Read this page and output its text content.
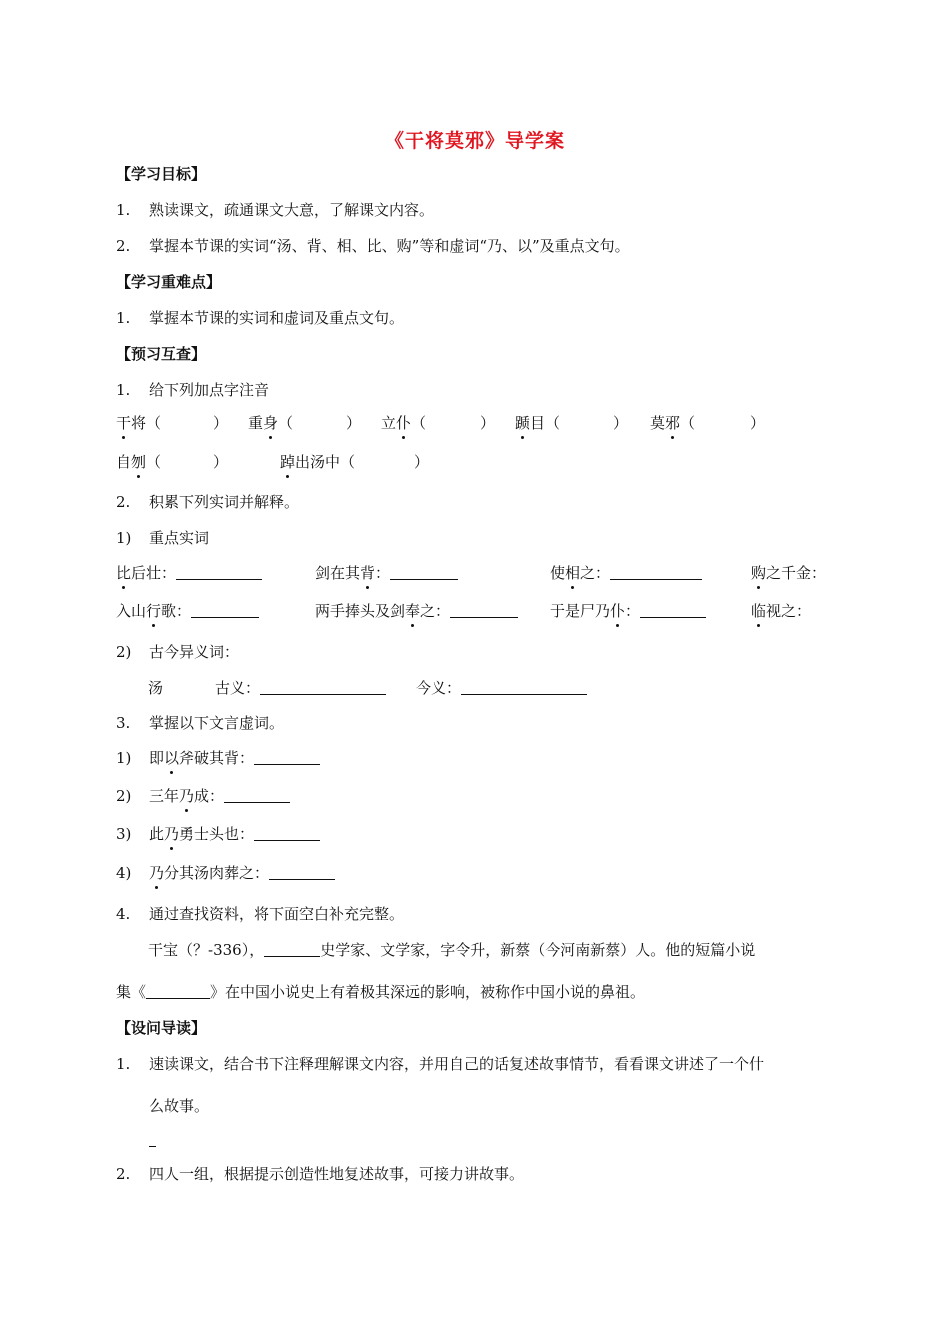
《干将莫邪》导学案
【学习目标】
1. 熟读课文，疏通课文大意，了解课文内容。
2. 掌握本节课的实词“汤、背、相、比、购”等和虚词“乃、以”及重点文句。
【学习重难点】
1. 掌握本节课的实词和虚词及重点文句。
【预习互查】
1. 给下列加点字注音
干将（	） 重身（	） 立仆（	） 踬目（	） 莫邪（	）
自刎（	）	踔出汤中（	）
2. 积累下列实词并解释。
1) 重点实词
比后壮：	剑在其背：	使相之：	购之千金：
入山行歌：	两手捧头及剑奉之：	于是尸乃仆：	临视之：
2) 古今异义词：
汤	古义：	今义：
3. 掌握以下文言虚词。
1) 即以斧破其背：
2) 三年乃成：
3) 此乃勇士头也：
4) 乃分其汤肉葬之：
4. 通过查找资料，将下面空白补充完整。
干宝（？-336），	史学家、文学家，字令升，新蔡（今河南新蔡）人。他的短篇小说
集《	》在中国小说史上有着极其深远的影响，被称作中国小说的鼻祖。
【设问导读】
1. 速读课文，结合书下注释理解课文内容，并用自己的话复述故事情节，看看课文讲述了一个什
么故事。
2. 四人一组，根据提示创造性地复述故事，可接力讲故事。
